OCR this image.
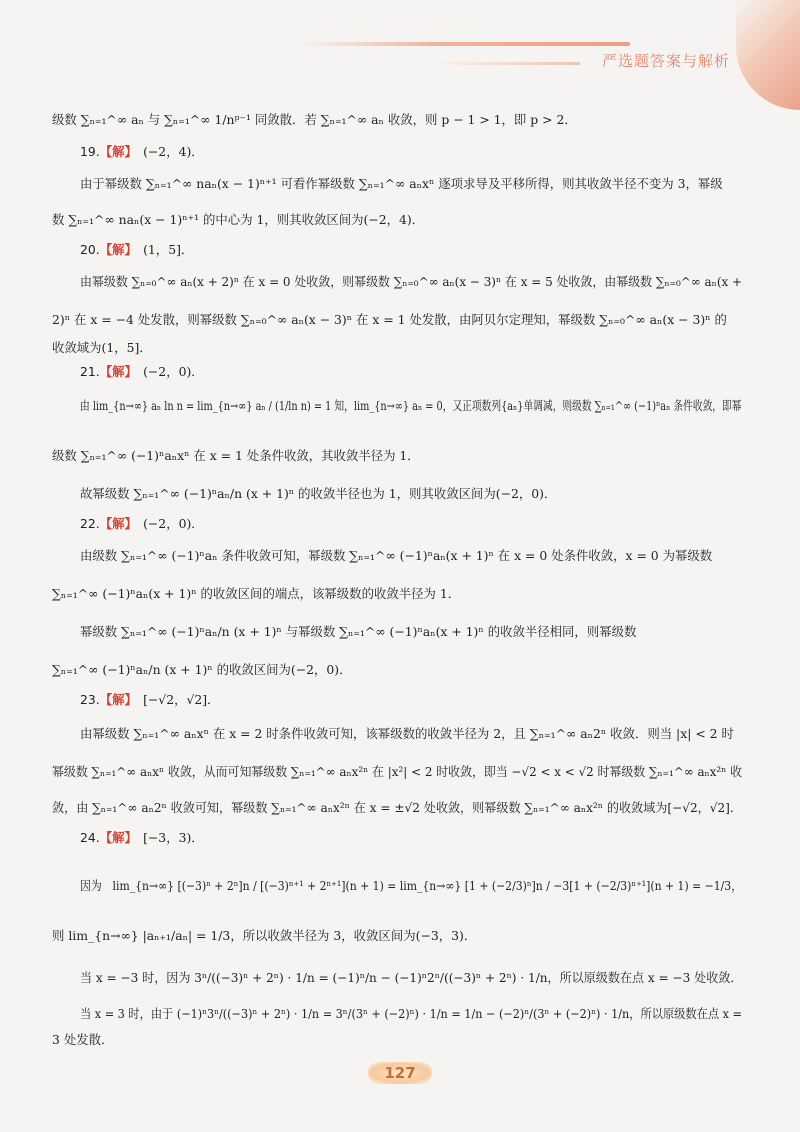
严选题答案与解析
级数 ∑ₙ₌₁^∞ aₙ 与 ∑ₙ₌₁^∞ 1/nᵖ⁻¹ 同敛散．若 ∑ₙ₌₁^∞ aₙ 收敛，则 p − 1 > 1，即 p > 2．
19.【解】　 (−2，4)．
由于幂级数 ∑ₙ₌₁^∞ naₙ(x − 1)ⁿ⁺¹ 可看作幂级数 ∑ₙ₌₁^∞ aₙxⁿ 逐项求导及平移所得，则其收敛半径不变为 3，幂级
数 ∑ₙ₌₁^∞ naₙ(x − 1)ⁿ⁺¹ 的中心为 1，则其收敛区间为(−2，4)．
20.【解】　 (1，5]．
由幂级数 ∑ₙ₌₀^∞ aₙ(x + 2)ⁿ 在 x = 0 处收敛，则幂级数 ∑ₙ₌₀^∞ aₙ(x − 3)ⁿ 在 x = 5 处收敛，由幂级数 ∑ₙ₌₀^∞ aₙ(x +
2)ⁿ 在 x = −4 处发散，则幂级数 ∑ₙ₌₀^∞ aₙ(x − 3)ⁿ 在 x = 1 处发散，由阿贝尔定理知，幂级数 ∑ₙ₌₀^∞ aₙ(x − 3)ⁿ 的
收敛域为(1，5]．
21.【解】　 (−2，0)．
由 lim_{n→∞} aₙ ln n = lim_{n→∞} aₙ / (1/ln n) = 1 知，lim_{n→∞} aₙ = 0，又正项数列{aₙ}单调减，则级数 ∑ₙ₌₁^∞ (−1)ⁿaₙ 条件收敛，即幂
级数 ∑ₙ₌₁^∞ (−1)ⁿaₙxⁿ 在 x = 1 处条件收敛，其收敛半径为 1．
故幂级数 ∑ₙ₌₁^∞ (−1)ⁿaₙ/n (x + 1)ⁿ 的收敛半径也为 1，则其收敛区间为(−2，0)．
22.【解】　 (−2，0)．
由级数 ∑ₙ₌₁^∞ (−1)ⁿaₙ 条件收敛可知，幂级数 ∑ₙ₌₁^∞ (−1)ⁿaₙ(x + 1)ⁿ 在 x = 0 处条件收敛，x = 0 为幂级数
∑ₙ₌₁^∞ (−1)ⁿaₙ(x + 1)ⁿ 的收敛区间的端点，该幂级数的收敛半径为 1．
幂级数 ∑ₙ₌₁^∞ (−1)ⁿaₙ/n (x + 1)ⁿ 与幂级数 ∑ₙ₌₁^∞ (−1)ⁿaₙ(x + 1)ⁿ 的收敛半径相同，则幂级数
∑ₙ₌₁^∞ (−1)ⁿaₙ/n (x + 1)ⁿ 的收敛区间为(−2，0)．
23.【解】　 [−√2，√2]．
由幂级数 ∑ₙ₌₁^∞ aₙxⁿ 在 x = 2 时条件收敛可知，该幂级数的收敛半径为 2，且 ∑ₙ₌₁^∞ aₙ2ⁿ 收敛．则当 |x| < 2 时
幂级数 ∑ₙ₌₁^∞ aₙxⁿ 收敛，从而可知幂级数 ∑ₙ₌₁^∞ aₙx²ⁿ 在 |x²| < 2 时收敛，即当 −√2 < x < √2 时幂级数 ∑ₙ₌₁^∞ aₙx²ⁿ 收
敛，由 ∑ₙ₌₁^∞ aₙ2ⁿ 收敛可知，幂级数 ∑ₙ₌₁^∞ aₙx²ⁿ 在 x = ±√2 处收敛，则幂级数 ∑ₙ₌₁^∞ aₙx²ⁿ 的收敛域为[−√2，√2]．
24.【解】　 [−3，3)．
因为　lim_{n→∞} [(−3)ⁿ + 2ⁿ]n / [(−3)ⁿ⁺¹ + 2ⁿ⁺¹](n + 1) = lim_{n→∞} [1 + (−2/3)ⁿ]n / −3[1 + (−2/3)ⁿ⁺¹](n + 1) = −1/3，
则 lim_{n→∞} |aₙ₊₁/aₙ| = 1/3，所以收敛半径为 3，收敛区间为(−3，3)．
当 x = −3 时，因为 3ⁿ/((−3)ⁿ + 2ⁿ) · 1/n = (−1)ⁿ/n − (−1)ⁿ2ⁿ/((−3)ⁿ + 2ⁿ) · 1/n，所以原级数在点 x = −3 处收敛．
当 x = 3 时，由于 (−1)ⁿ3ⁿ/((−3)ⁿ + 2ⁿ) · 1/n = 3ⁿ/(3ⁿ + (−2)ⁿ) · 1/n = 1/n − (−2)ⁿ/(3ⁿ + (−2)ⁿ) · 1/n，所以原级数在点 x =
3 处发散．
127
